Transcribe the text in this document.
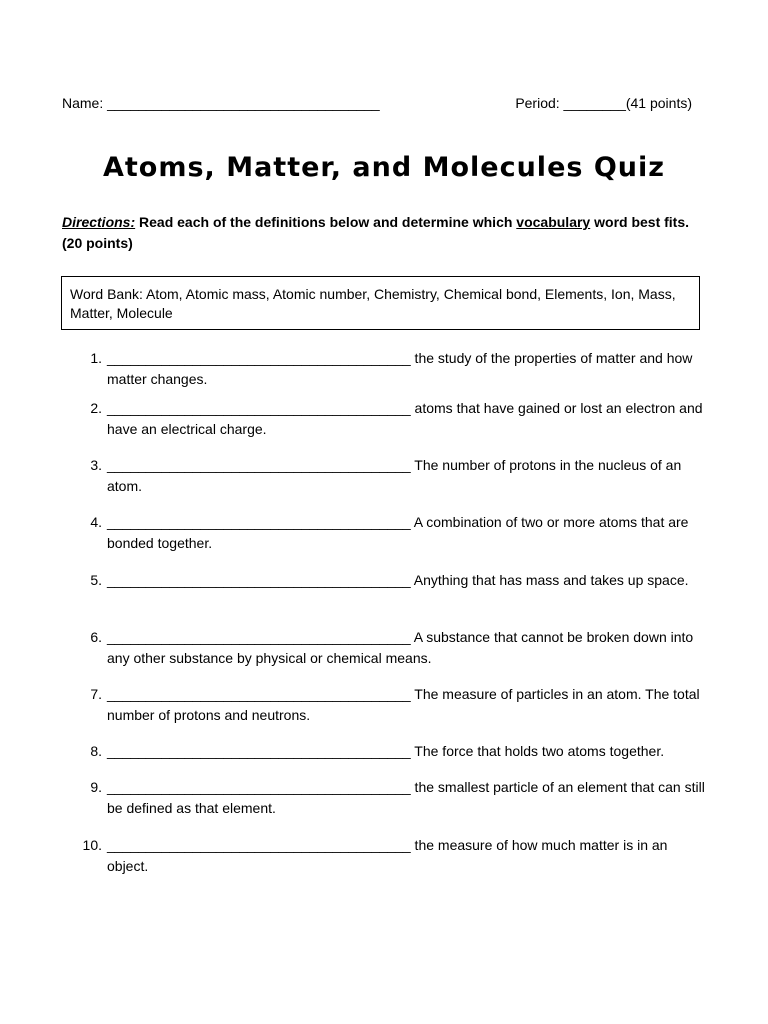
Name: ___________________________________	Period: ________(41 points)
Atoms, Matter, and Molecules Quiz
Directions: Read each of the definitions below and determine which vocabulary word best fits. (20 points)
Word Bank: Atom, Atomic mass, Atomic number, Chemistry, Chemical bond, Elements, Ion, Mass, Matter, Molecule
1. _______________________________________ the study of the properties of matter and how matter changes.
2. _______________________________________ atoms that have gained or lost an electron and have an electrical charge.
3. _______________________________________ The number of protons in the nucleus of an atom.
4. _______________________________________ A combination of two or more atoms that are bonded together.
5. _______________________________________ Anything that has mass and takes up space.
6. _______________________________________ A substance that cannot be broken down into any other substance by physical or chemical means.
7. _______________________________________ The measure of particles in an atom. The total number of protons and neutrons.
8. _______________________________________ The force that holds two atoms together.
9. _______________________________________ the smallest particle of an element that can still be defined as that element.
10. _______________________________________ the measure of how much matter is in an object.
